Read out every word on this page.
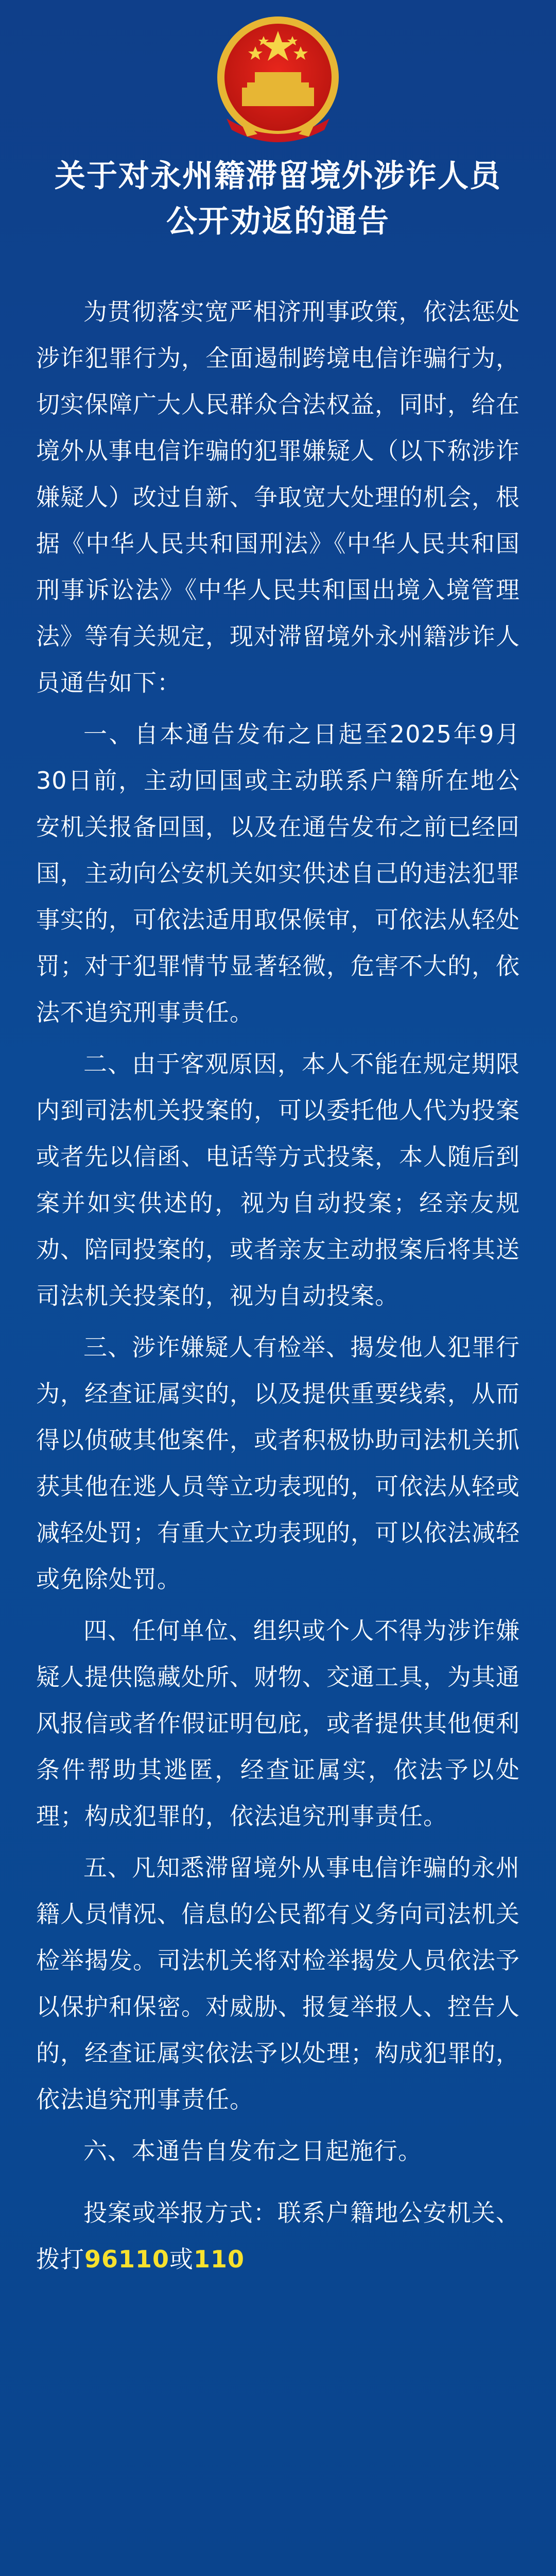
关于对永州籍滞留境外涉诈人员
公开劝返的通告

为贯彻落实宽严相济刑事政策，依法惩处涉诈犯罪行为，全面遏制跨境电信诈骗行为，切实保障广大人民群众合法权益，同时，给在境外从事电信诈骗的犯罪嫌疑人（以下称涉诈嫌疑人）改过自新、争取宽大处理的机会，根据《中华人民共和国刑法》《中华人民共和国刑事诉讼法》《中华人民共和国出境入境管理法》等有关规定，现对滞留境外永州籍涉诈人员通告如下：

一、自本通告发布之日起至2025年9月30日前，主动回国或主动联系户籍所在地公安机关报备回国，以及在通告发布之前已经回国，主动向公安机关如实供述自己的违法犯罪事实的，可依法适用取保候审，可依法从轻处罚；对于犯罪情节显著轻微，危害不大的，依法不追究刑事责任。

二、由于客观原因，本人不能在规定期限内到司法机关投案的，可以委托他人代为投案或者先以信函、电话等方式投案，本人随后到案并如实供述的，视为自动投案；经亲友规劝、陪同投案的，或者亲友主动报案后将其送司法机关投案的，视为自动投案。

三、涉诈嫌疑人有检举、揭发他人犯罪行为，经查证属实的，以及提供重要线索，从而得以侦破其他案件，或者积极协助司法机关抓获其他在逃人员等立功表现的，可依法从轻或减轻处罚；有重大立功表现的，可以依法减轻或免除处罚。

四、任何单位、组织或个人不得为涉诈嫌疑人提供隐藏处所、财物、交通工具，为其通风报信或者作假证明包庇，或者提供其他便利条件帮助其逃匿，经查证属实，依法予以处理；构成犯罪的，依法追究刑事责任。

五、凡知悉滞留境外从事电信诈骗的永州籍人员情况、信息的公民都有义务向司法机关检举揭发。司法机关将对检举揭发人员依法予以保护和保密。对威胁、报复举报人、控告人的，经查证属实依法予以处理；构成犯罪的，依法追究刑事责任。

六、本通告自发布之日起施行。

投案或举报方式：联系户籍地公安机关、拨打96110或110
